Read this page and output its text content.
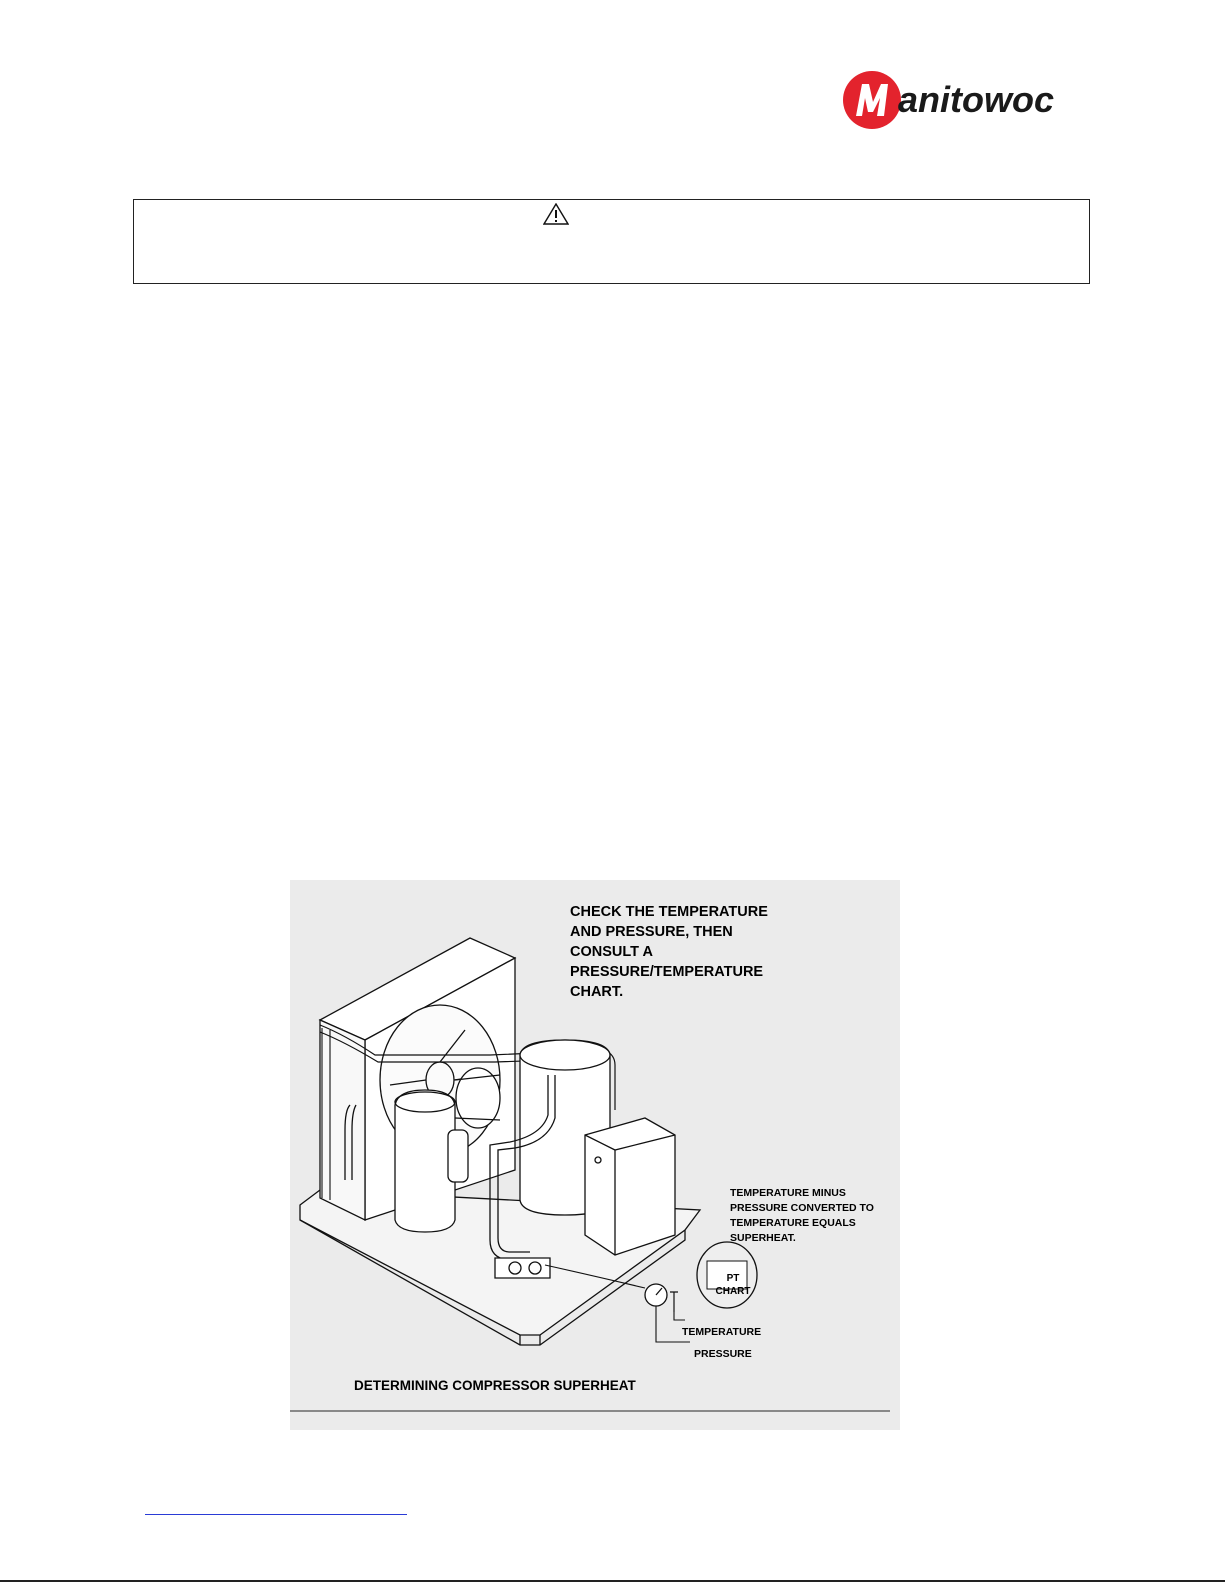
anitowoc
CHECK THE TEMPERATURE AND PRESSURE, THEN CONSULT A PRESSURE/TEMPERATURE CHART.
TEMPERATURE MINUS PRESSURE CONVERTED TO TEMPERATURE EQUALS SUPERHEAT.
PT CHART
TEMPERATURE
PRESSURE
DETERMINING COMPRESSOR SUPERHEAT
